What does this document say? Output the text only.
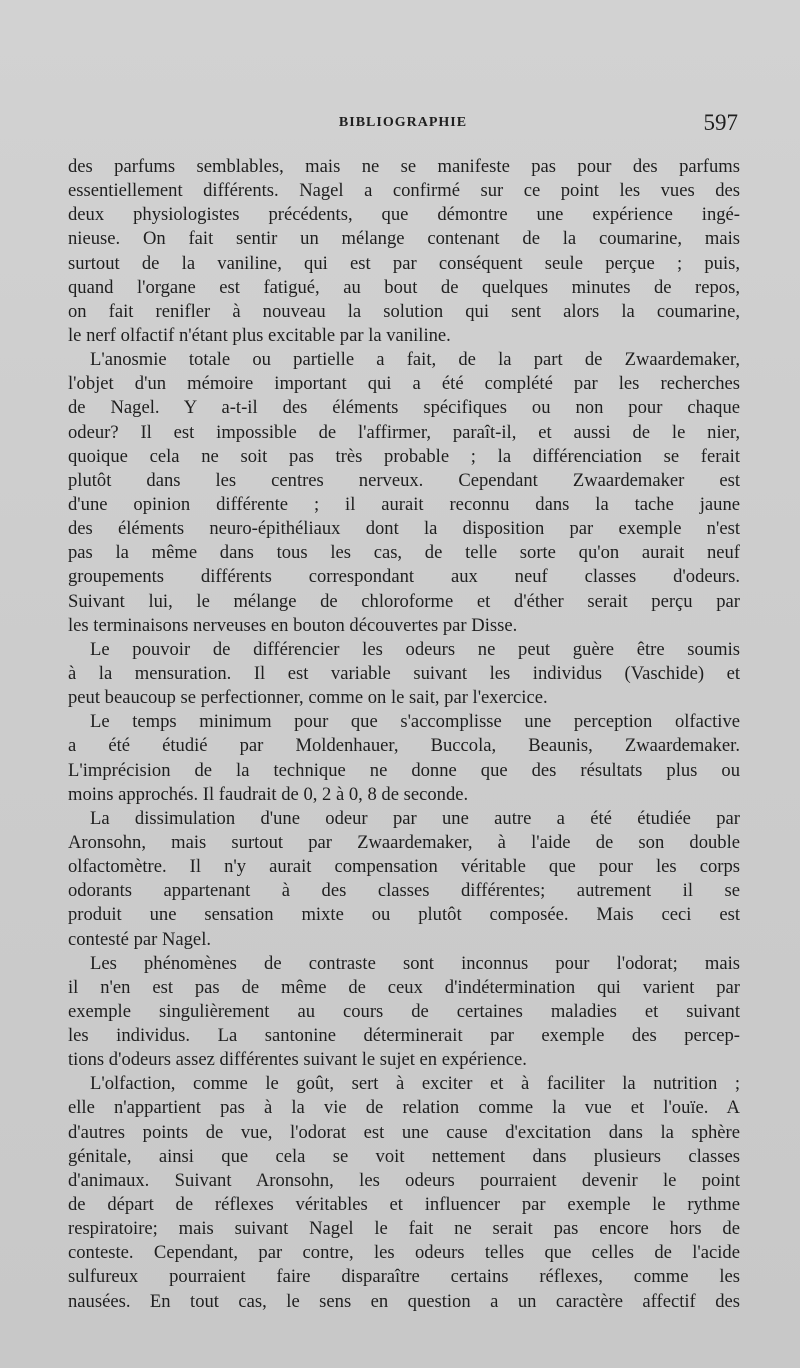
BIBLIOGRAPHIE	597
des parfums semblables, mais ne se manifeste pas pour des parfums
essentiellement différents. Nagel a confirmé sur ce point les vues des
deux physiologistes précédents, que démontre une expérience ingé-
nieuse. On fait sentir un mélange contenant de la coumarine, mais
surtout de la vaniline, qui est par conséquent seule perçue ; puis,
quand l'organe est fatigué, au bout de quelques minutes de repos,
on fait renifler à nouveau la solution qui sent alors la coumarine,
le nerf olfactif n'étant plus excitable par la vaniline.
L'anosmie totale ou partielle a fait, de la part de Zwaardemaker,
l'objet d'un mémoire important qui a été complété par les recherches
de Nagel. Y a-t-il des éléments spécifiques ou non pour chaque
odeur? Il est impossible de l'affirmer, paraît-il, et aussi de le nier,
quoique cela ne soit pas très probable ; la différenciation se ferait
plutôt dans les centres nerveux. Cependant Zwaardemaker est
d'une opinion différente ; il aurait reconnu dans la tache jaune
des éléments neuro-épithéliaux dont la disposition par exemple n'est
pas la même dans tous les cas, de telle sorte qu'on aurait neuf
groupements différents correspondant aux neuf classes d'odeurs.
Suivant lui, le mélange de chloroforme et d'éther serait perçu par
les terminaisons nerveuses en bouton découvertes par Disse.
Le pouvoir de différencier les odeurs ne peut guère être soumis
à la mensuration. Il est variable suivant les individus (Vaschide) et
peut beaucoup se perfectionner, comme on le sait, par l'exercice.
Le temps minimum pour que s'accomplisse une perception olfactive
a été étudié par Moldenhauer, Buccola, Beaunis, Zwaardemaker.
L'imprécision de la technique ne donne que des résultats plus ou
moins approchés. Il faudrait de 0, 2 à 0, 8 de seconde.
La dissimulation d'une odeur par une autre a été étudiée par
Aronsohn, mais surtout par Zwaardemaker, à l'aide de son double
olfactomètre. Il n'y aurait compensation véritable que pour les corps
odorants appartenant à des classes différentes; autrement il se
produit une sensation mixte ou plutôt composée. Mais ceci est
contesté par Nagel.
Les phénomènes de contraste sont inconnus pour l'odorat; mais
il n'en est pas de même de ceux d'indétermination qui varient par
exemple singulièrement au cours de certaines maladies et suivant
les individus. La santonine déterminerait par exemple des percep-
tions d'odeurs assez différentes suivant le sujet en expérience.
L'olfaction, comme le goût, sert à exciter et à faciliter la nutrition ;
elle n'appartient pas à la vie de relation comme la vue et l'ouïe. A
d'autres points de vue, l'odorat est une cause d'excitation dans la sphère
génitale, ainsi que cela se voit nettement dans plusieurs classes
d'animaux. Suivant Aronsohn, les odeurs pourraient devenir le point
de départ de réflexes véritables et influencer par exemple le rythme
respiratoire; mais suivant Nagel le fait ne serait pas encore hors de
conteste. Cependant, par contre, les odeurs telles que celles de l'acide
sulfureux pourraient faire disparaître certains réflexes, comme les
nausées. En tout cas, le sens en question a un caractère affectif des
